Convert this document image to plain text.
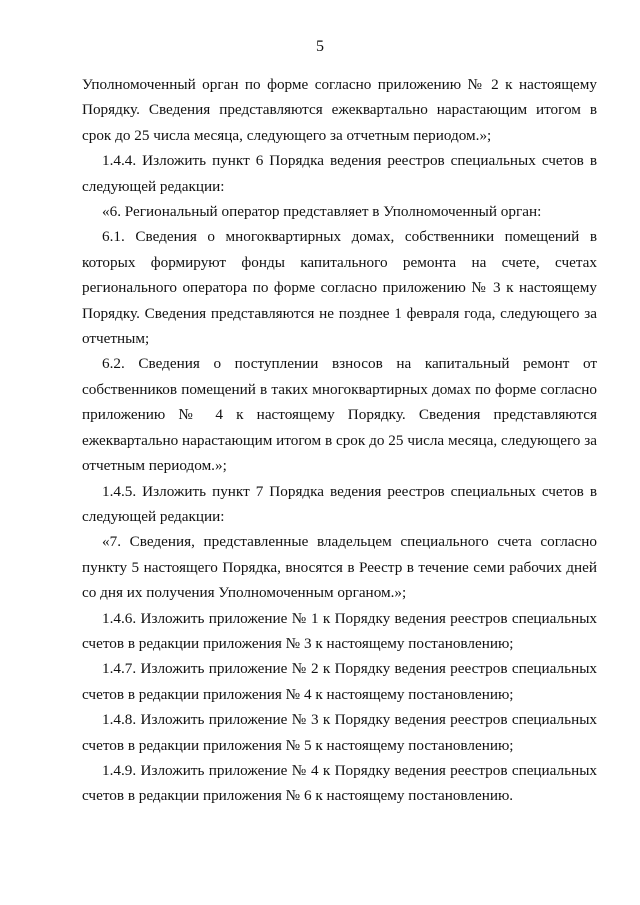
5

Уполномоченный орган по форме согласно приложению № 2 к настоящему Порядку. Сведения представляются ежеквартально нарастающим итогом в срок до 25 числа месяца, следующего за отчетным периодом.»;

1.4.4. Изложить пункт 6 Порядка ведения реестров специальных счетов в следующей редакции:

«6. Региональный оператор представляет в Уполномоченный орган:

6.1. Сведения о многоквартирных домах, собственники помещений в которых формируют фонды капитального ремонта на счете, счетах регионального оператора по форме согласно приложению № 3 к настоящему Порядку. Сведения представляются не позднее 1 февраля года, следующего за отчетным;

6.2. Сведения о поступлении взносов на капитальный ремонт от собственников помещений в таких многоквартирных домах по форме согласно приложению № 4 к настоящему Порядку. Сведения представляются ежеквартально нарастающим итогом в срок до 25 числа месяца, следующего за отчетным периодом.»;

1.4.5. Изложить пункт 7 Порядка ведения реестров специальных счетов в следующей редакции:

«7. Сведения, представленные владельцем специального счета согласно пункту 5 настоящего Порядка, вносятся в Реестр в течение семи рабочих дней со дня их получения Уполномоченным органом.»;

1.4.6. Изложить приложение № 1 к Порядку ведения реестров специальных счетов в редакции приложения № 3 к настоящему постановлению;

1.4.7. Изложить приложение № 2 к Порядку ведения реестров специальных счетов в редакции приложения № 4 к настоящему постановлению;

1.4.8. Изложить приложение № 3 к Порядку ведения реестров специальных счетов в редакции приложения № 5 к настоящему постановлению;

1.4.9. Изложить приложение № 4 к Порядку ведения реестров специальных счетов в редакции приложения № 6 к настоящему постановлению.
